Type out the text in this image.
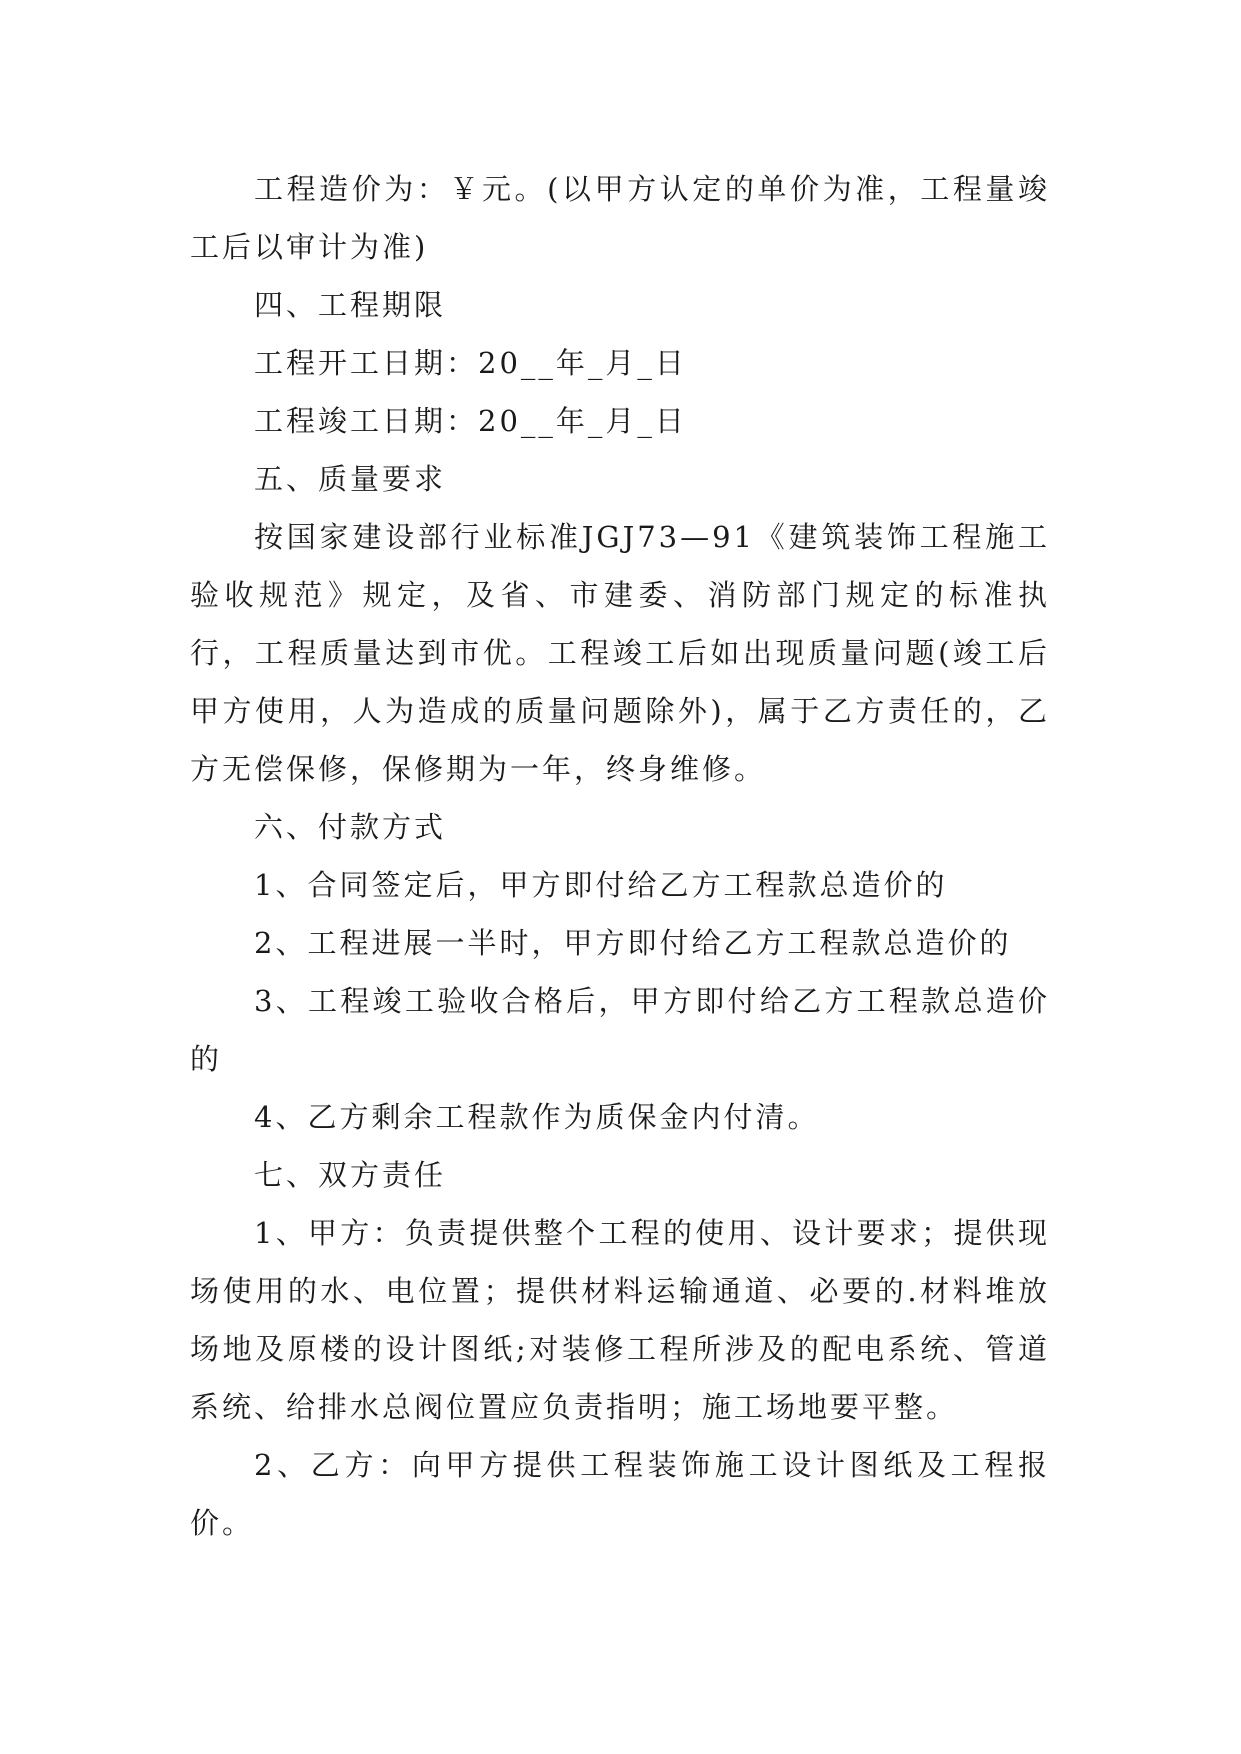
工程造价为：￥元。(以甲方认定的单价为准，工程量竣工后以审计为准)

四、工程期限

工程开工日期：20__年_月_日

工程竣工日期：20__年_月_日

五、质量要求

按国家建设部行业标准JGJ73—91《建筑装饰工程施工验收规范》规定，及省、市建委、消防部门规定的标准执行，工程质量达到市优。工程竣工后如出现质量问题(竣工后甲方使用，人为造成的质量问题除外)，属于乙方责任的，乙方无偿保修，保修期为一年，终身维修。

六、付款方式

1、合同签定后，甲方即付给乙方工程款总造价的

2、工程进展一半时，甲方即付给乙方工程款总造价的

3、工程竣工验收合格后，甲方即付给乙方工程款总造价的

4、乙方剩余工程款作为质保金内付清。

七、双方责任

1、甲方：负责提供整个工程的使用、设计要求；提供现场使用的水、电位置；提供材料运输通道、必要的.材料堆放场地及原楼的设计图纸;对装修工程所涉及的配电系统、管道系统、给排水总阀位置应负责指明；施工场地要平整。

2、乙方：向甲方提供工程装饰施工设计图纸及工程报价。
